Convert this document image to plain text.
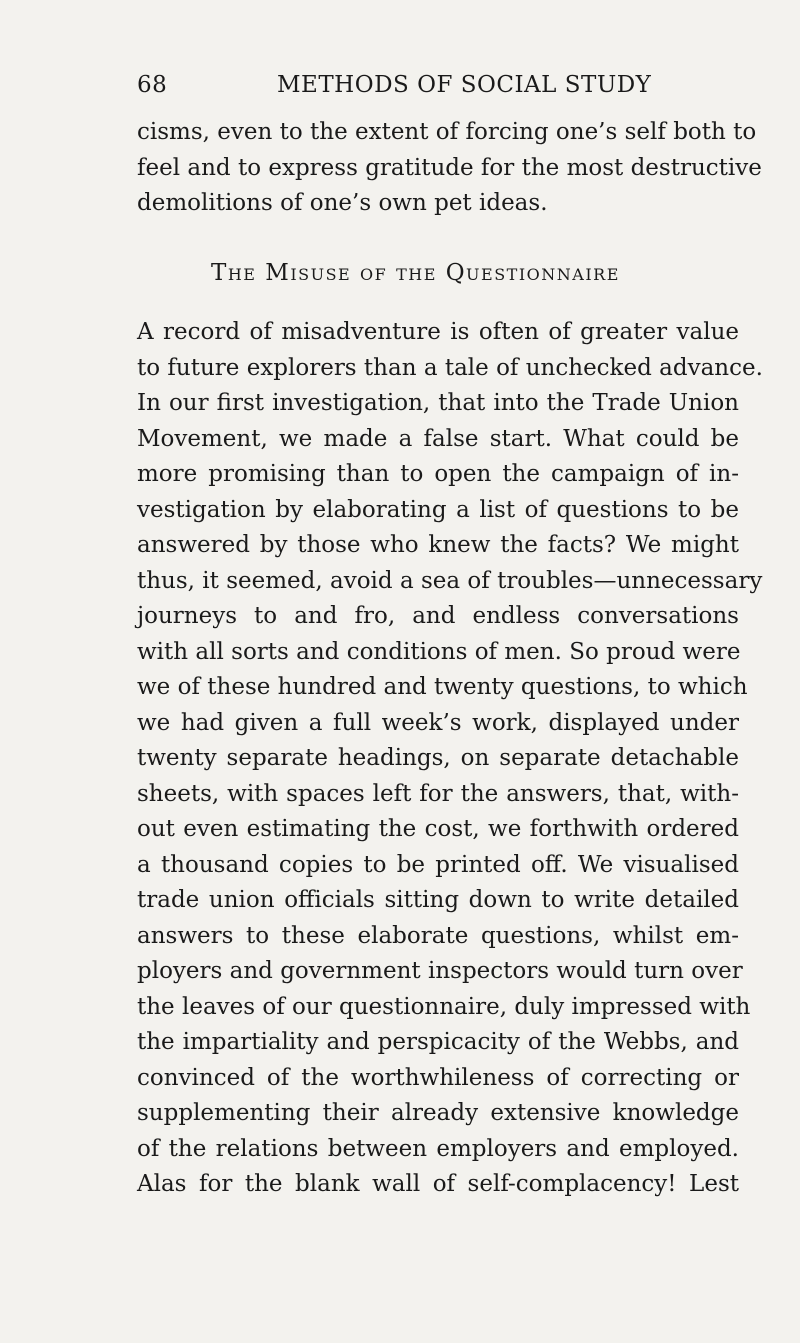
68	METHODS OF SOCIAL STUDY
cisms, even to the extent of forcing one’s self both to
feel and to express gratitude for the most destructive
demolitions of one’s own pet ideas.
The Misuse of the Questionnaire
A record of misadventure is often of greater value
to future explorers than a tale of unchecked advance.
In our first investigation, that into the Trade Union
Movement, we made a false start. What could be
more promising than to open the campaign of in-
vestigation by elaborating a list of questions to be
answered by those who knew the facts? We might
thus, it seemed, avoid a sea of troubles—unnecessary
journeys to and fro, and endless conversations
with all sorts and conditions of men. So proud were
we of these hundred and twenty questions, to which
we had given a full week’s work, displayed under
twenty separate headings, on separate detachable
sheets, with spaces left for the answers, that, with-
out even estimating the cost, we forthwith ordered
a thousand copies to be printed off. We visualised
trade union officials sitting down to write detailed
answers to these elaborate questions, whilst em-
ployers and government inspectors would turn over
the leaves of our questionnaire, duly impressed with
the impartiality and perspicacity of the Webbs, and
convinced of the worthwhileness of correcting or
supplementing their already extensive knowledge
of the relations between employers and employed.
Alas for the blank wall of self-complacency! Lest
